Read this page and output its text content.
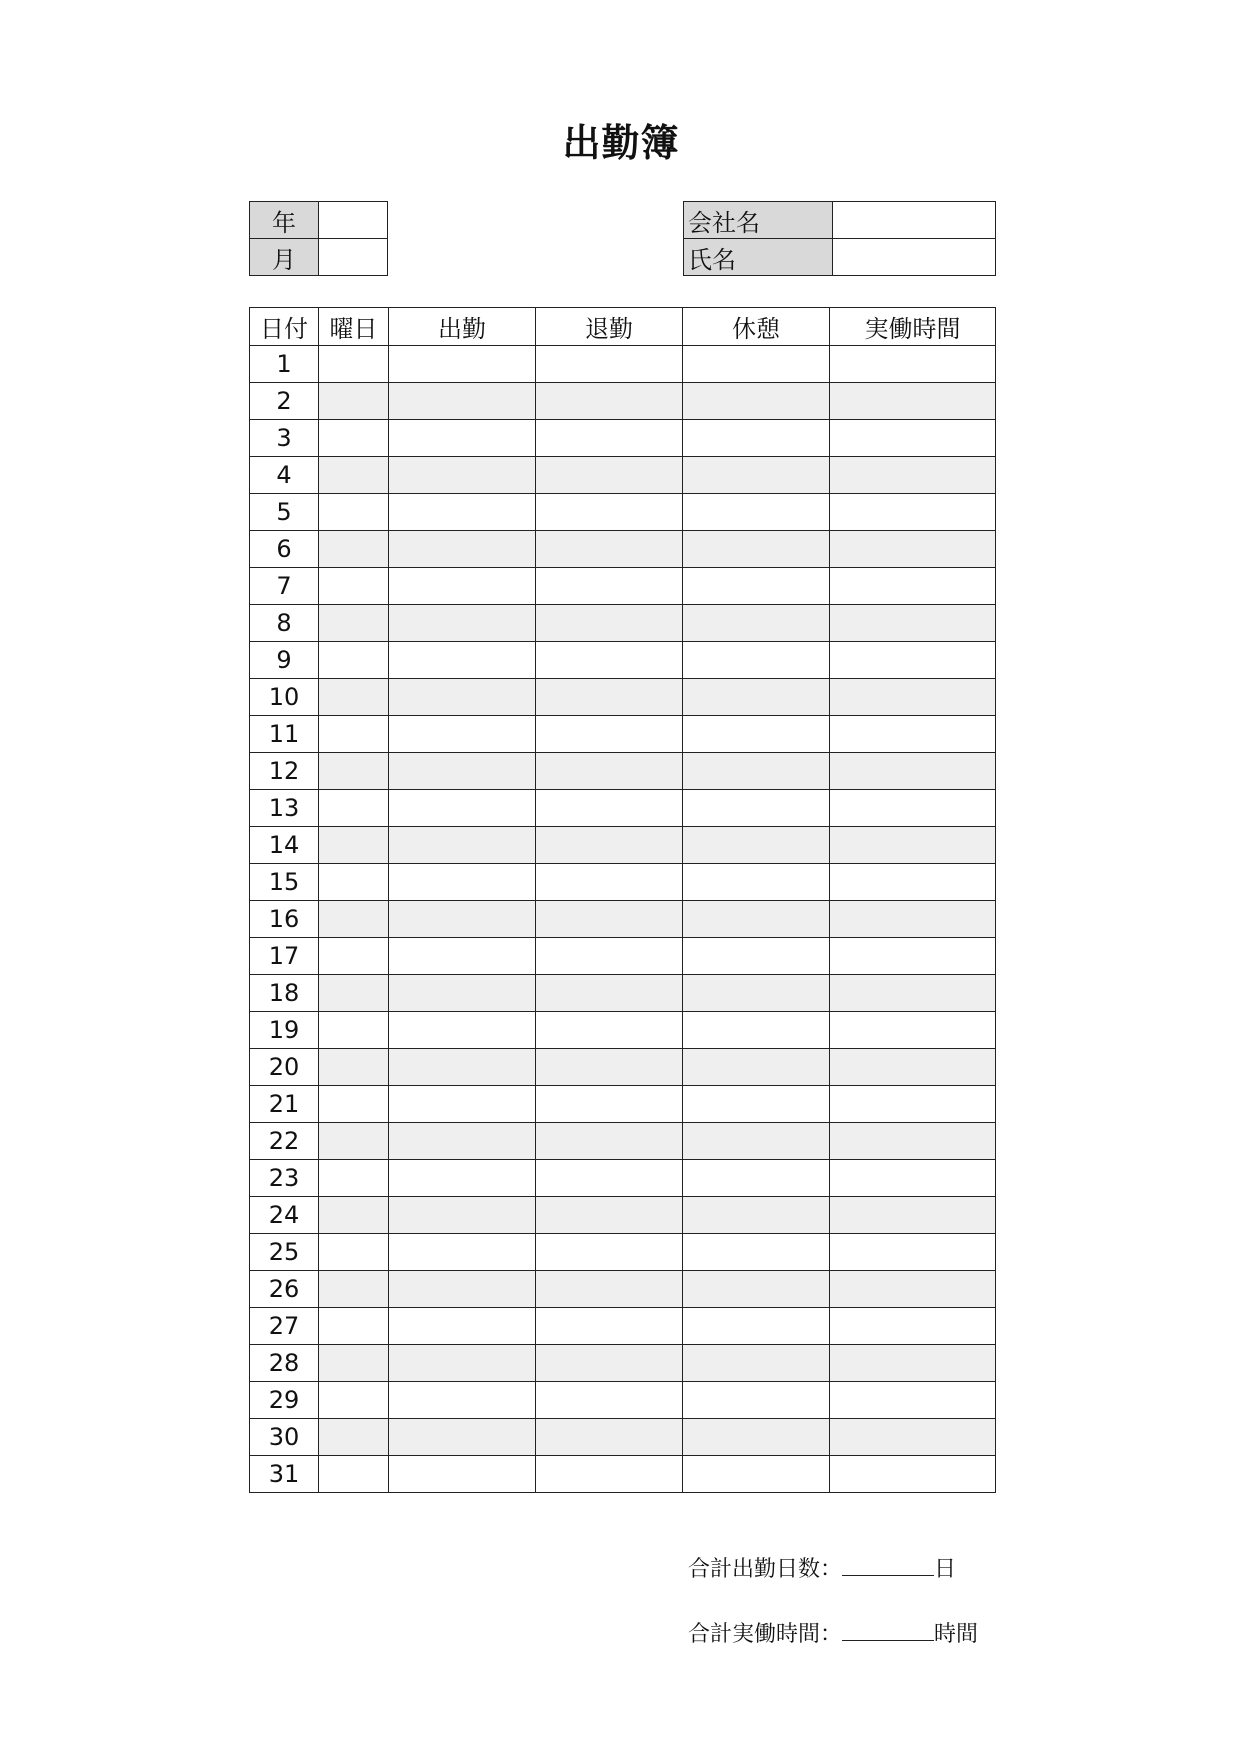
出勤簿
年	
月	
会社名	
氏名	
日付	曜日	出勤	退勤	休憩	実働時間
1					
2					
3					
4					
5					
6					
7					
8					
9					
10					
11					
12					
13					
14					
15					
16					
17					
18					
19					
20					
21					
22					
23					
24					
25					
26					
27					
28					
29					
30					
31					
合計出勤日数：	日
合計実働時間：	時間
